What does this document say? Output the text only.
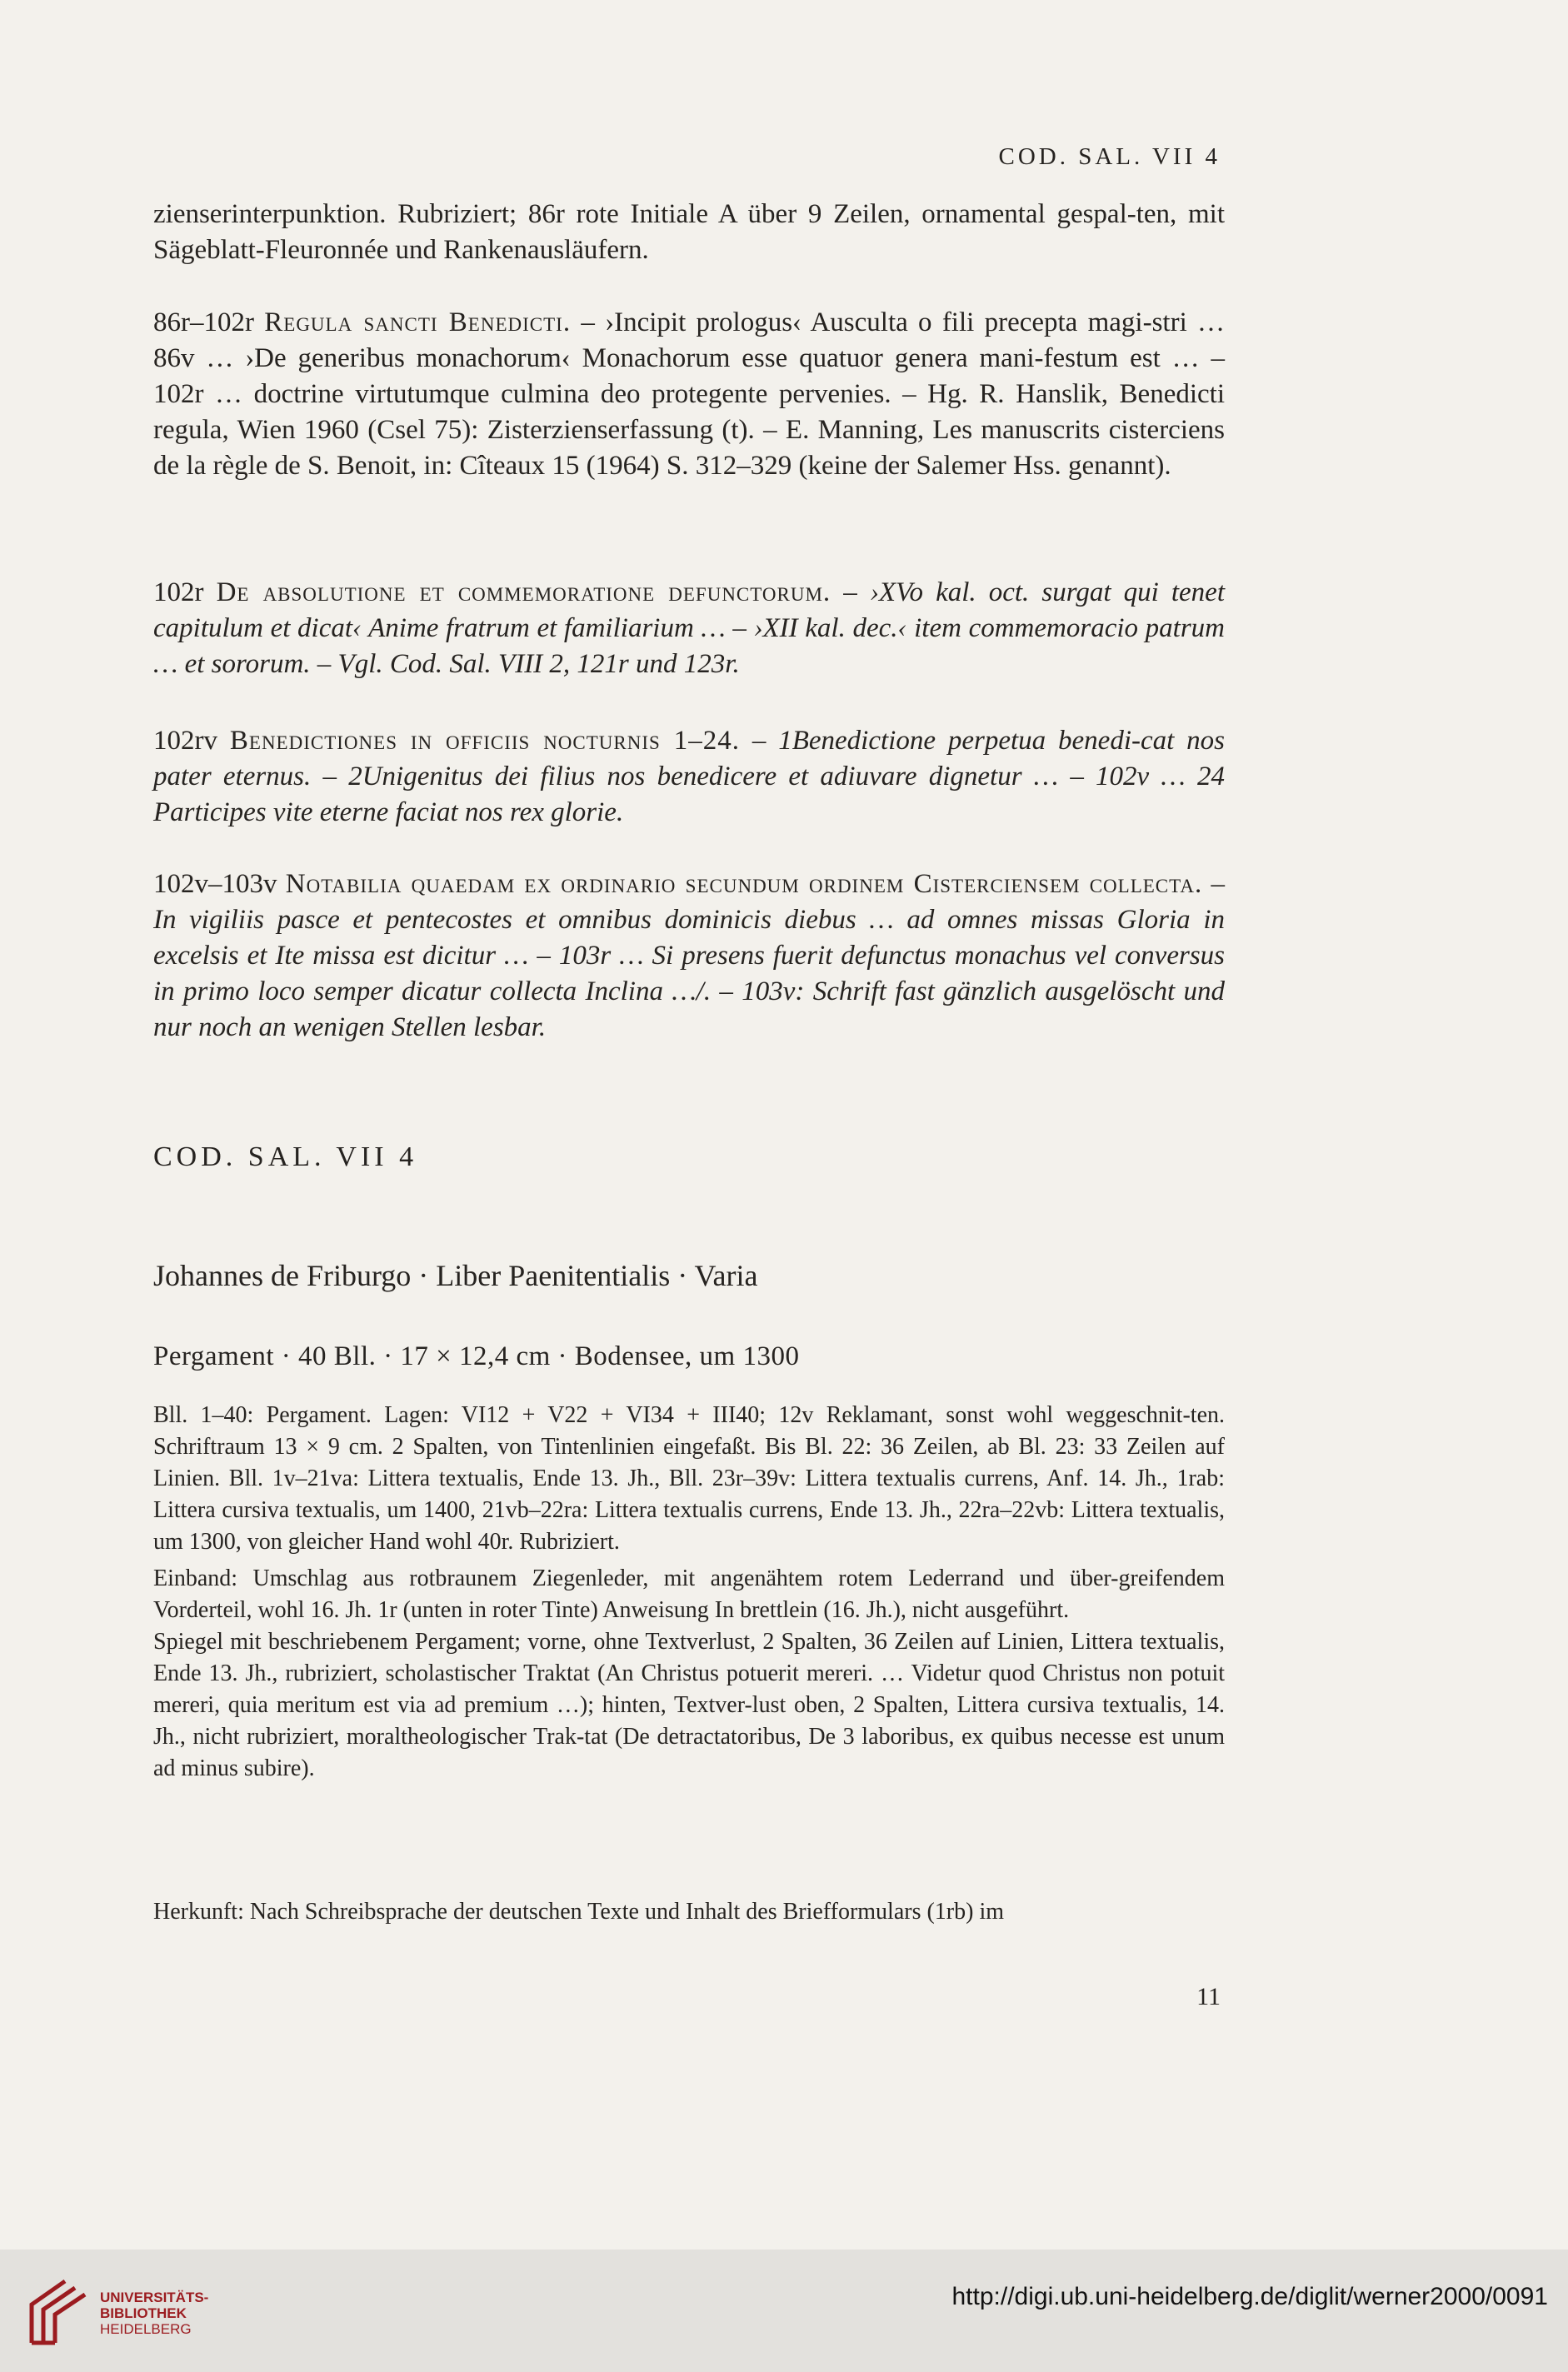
COD. SAL. VII 4

zienserinterpunktion. Rubriziert; 86r rote Initiale A über 9 Zeilen, ornamental gespal-ten, mit Sägeblatt-Fleuronnée und Rankenausläufern.

86r–102r Regula sancti Benedicti. – ›Incipit prologus‹ Ausculta o fili precepta magi-stri … 86v … ›De generibus monachorum‹ Monachorum esse quatuor genera mani-festum est … – 102r … doctrine virtutumque culmina deo protegente pervenies. – Hg. R. Hanslik, Benedicti regula, Wien 1960 (Csel 75): Zisterzienserfassung (t). – E. Manning, Les manuscrits cisterciens de la règle de S. Benoit, in: Cîteaux 15 (1964) S. 312–329 (keine der Salemer Hss. genannt).

102r De absolutione et commemoratione defunctorum. – ›XVo kal. oct. surgat qui tenet capitulum et dicat‹ Anime fratrum et familiarium … – ›XII kal. dec.‹ item commemoracio patrum … et sororum. – Vgl. Cod. Sal. VIII 2, 121r und 123r.

102rv Benedictiones in officiis nocturnis 1–24. – 1Benedictione perpetua benedi-cat nos pater eternus. – 2Unigenitus dei filius nos benedicere et adiuvare dignetur … – 102v … 24 Participes vite eterne faciat nos rex glorie.

102v–103v Notabilia quaedam ex ordinario secundum ordinem Cisterciensem collecta. – In vigiliis pasce et pentecostes et omnibus dominicis diebus … ad omnes missas Gloria in excelsis et Ite missa est dicitur … – 103r … Si presens fuerit defunctus monachus vel conversus in primo loco semper dicatur collecta Inclina …/. – 103v: Schrift fast gänzlich ausgelöscht und nur noch an wenigen Stellen lesbar.

COD. SAL. VII 4
Johannes de Friburgo · Liber Paenitentialis · Varia
Pergament · 40 Bll. · 17 × 12,4 cm · Bodensee, um 1300

Bll. 1–40: Pergament. Lagen: VI12 + V22 + VI34 + III40; 12v Reklamant, sonst wohl weggeschnit-ten. Schriftraum 13 × 9 cm. 2 Spalten, von Tintenlinien eingefaßt. Bis Bl. 22: 36 Zeilen, ab Bl. 23: 33 Zeilen auf Linien. Bll. 1v–21va: Littera textualis, Ende 13. Jh., Bll. 23r–39v: Littera textualis currens, Anf. 14. Jh., 1rab: Littera cursiva textualis, um 1400, 21vb–22ra: Littera textualis currens, Ende 13. Jh., 22ra–22vb: Littera textualis, um 1300, von gleicher Hand wohl 40r. Rubriziert.

Einband: Umschlag aus rotbraunem Ziegenleder, mit angenähtem rotem Lederrand und über-greifendem Vorderteil, wohl 16. Jh. 1r (unten in roter Tinte) Anweisung In brettlein (16. Jh.), nicht ausgeführt.

Spiegel mit beschriebenem Pergament; vorne, ohne Textverlust, 2 Spalten, 36 Zeilen auf Linien, Littera textualis, Ende 13. Jh., rubriziert, scholastischer Traktat (An Christus potuerit mereri. … Videtur quod Christus non potuit mereri, quia meritum est via ad premium …); hinten, Textver-lust oben, 2 Spalten, Littera cursiva textualis, 14. Jh., nicht rubriziert, moraltheologischer Trak-tat (De detractatoribus, De 3 laboribus, ex quibus necesse est unum ad minus subire).

Herkunft: Nach Schreibsprache der deutschen Texte und Inhalt des Briefformulars (1rb) im

11
UNIVERSITÄTS-
BIBLIOTHEK
HEIDELBERG
http://digi.ub.uni-heidelberg.de/diglit/werner2000/0091
